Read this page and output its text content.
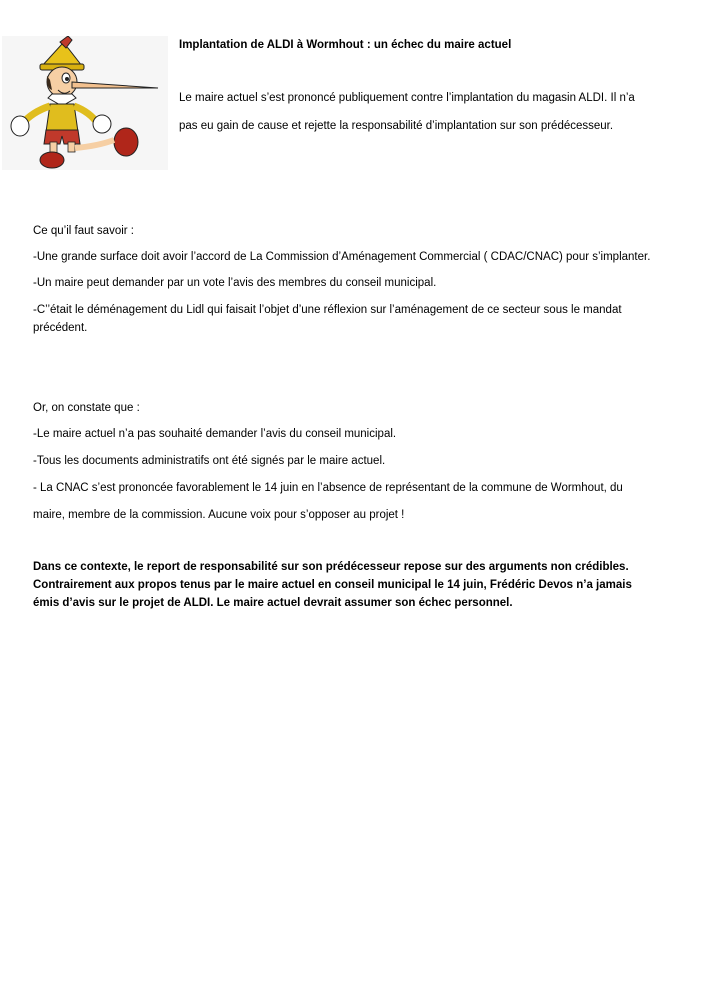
Implantation de ALDI à Wormhout : un échec du maire actuel

Le maire actuel s’est prononcé publiquement contre l’implantation du magasin ALDI. Il n’a

pas eu gain de cause et rejette la responsabilité d’implantation sur son prédécesseur.

Ce qu’il faut savoir :

-Une grande surface doit avoir l’accord de La Commission d’Aménagement Commercial ( CDAC/CNAC) pour s’implanter.

-Un maire peut demander par un vote l’avis des membres du conseil municipal.

-C’’était le déménagement du Lidl qui faisait l’objet d’une réflexion sur l’aménagement de ce secteur sous le mandat précédent.

Or, on constate que :

-Le maire actuel n’a pas souhaité demander l’avis du conseil municipal.

-Tous les documents administratifs ont été signés par le maire actuel.

- La CNAC s’est prononcée favorablement le 14 juin en l’absence de représentant de la commune de Wormhout, du

maire, membre de la commission. Aucune voix pour s’opposer au projet !

Dans ce contexte, le report de responsabilité sur son prédécesseur repose sur des arguments non crédibles. Contrairement aux propos tenus par le maire actuel en conseil municipal le 14 juin, Frédéric Devos n’a jamais émis d’avis sur le projet de ALDI. Le maire actuel devrait assumer son échec personnel.
